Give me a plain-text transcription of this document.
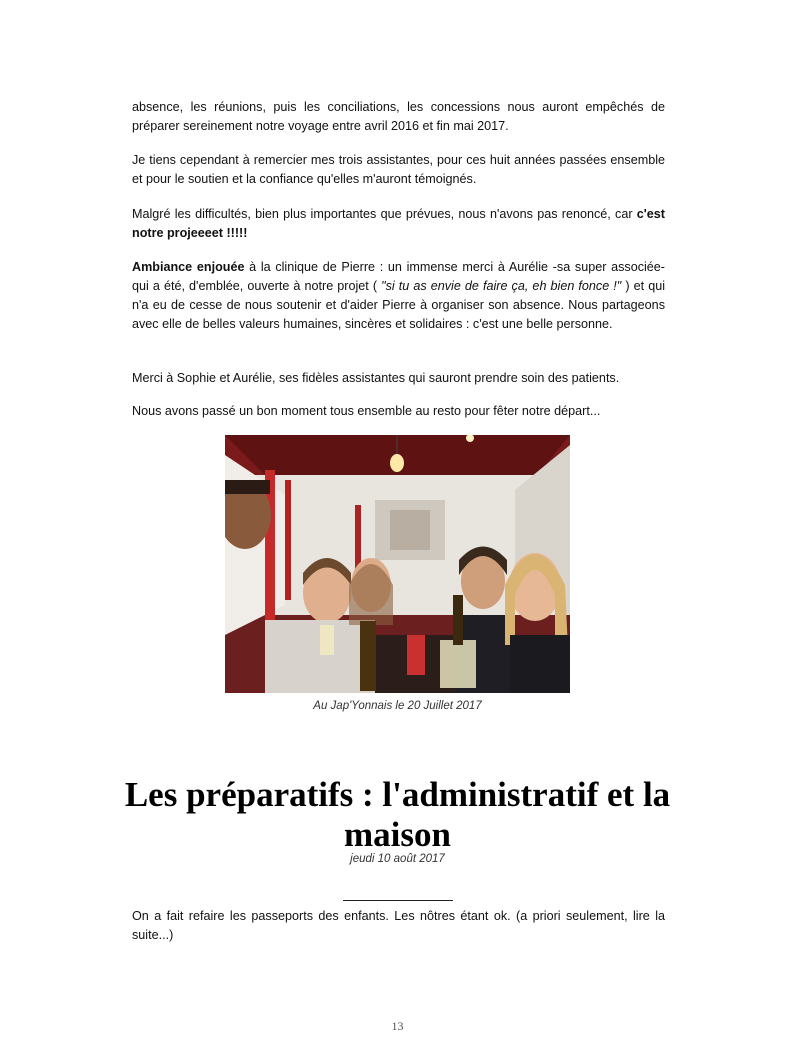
absence, les réunions, puis les conciliations, les concessions nous auront empêchés de préparer sereinement notre voyage entre avril 2016 et fin mai 2017.

Je tiens cependant à remercier mes trois assistantes, pour ces huit années passées ensemble et pour le soutien et la confiance qu'elles m'auront témoignés.

Malgré les difficultés, bien plus importantes que prévues, nous n'avons pas renoncé, car c'est notre projeeeet !!!!!

Ambiance enjouée à la clinique de Pierre : un immense merci à Aurélie -sa super associée- qui a été, d'emblée, ouverte à notre projet ( "si tu as envie de faire ça, eh bien fonce !" ) et qui n'a eu de cesse de nous soutenir et d'aider Pierre à organiser son absence. Nous partageons avec elle de belles valeurs humaines, sincères et solidaires : c'est une belle personne.

Merci à Sophie et Aurélie, ses fidèles assistantes qui sauront prendre soin des patients.

Nous avons passé un bon moment tous ensemble au resto pour fêter notre départ...

Au Jap'Yonnais le 20 Juillet 2017
Les préparatifs : l'administratif et la maison
jeudi 10 août 2017

On a fait refaire les passeports des enfants. Les nôtres étant ok. (a priori seulement, lire la suite...)

13
